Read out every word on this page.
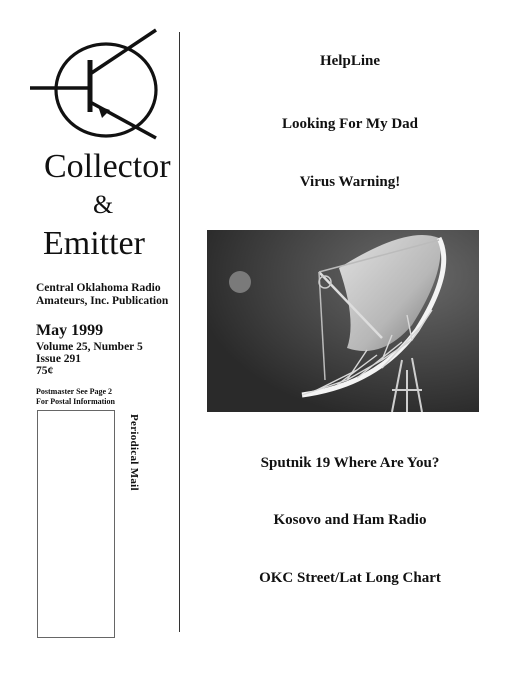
Collector
&
Emitter
Central Oklahoma Radio
Amateurs, Inc. Publication
May 1999
Volume 25, Number 5
Issue 291
75¢
Postmaster See Page 2
For Postal Information
Periodical Mail
HelpLine
Looking For My Dad
Virus Warning!
Sputnik 19 Where Are You?
Kosovo and Ham Radio
OKC Street/Lat Long Chart
